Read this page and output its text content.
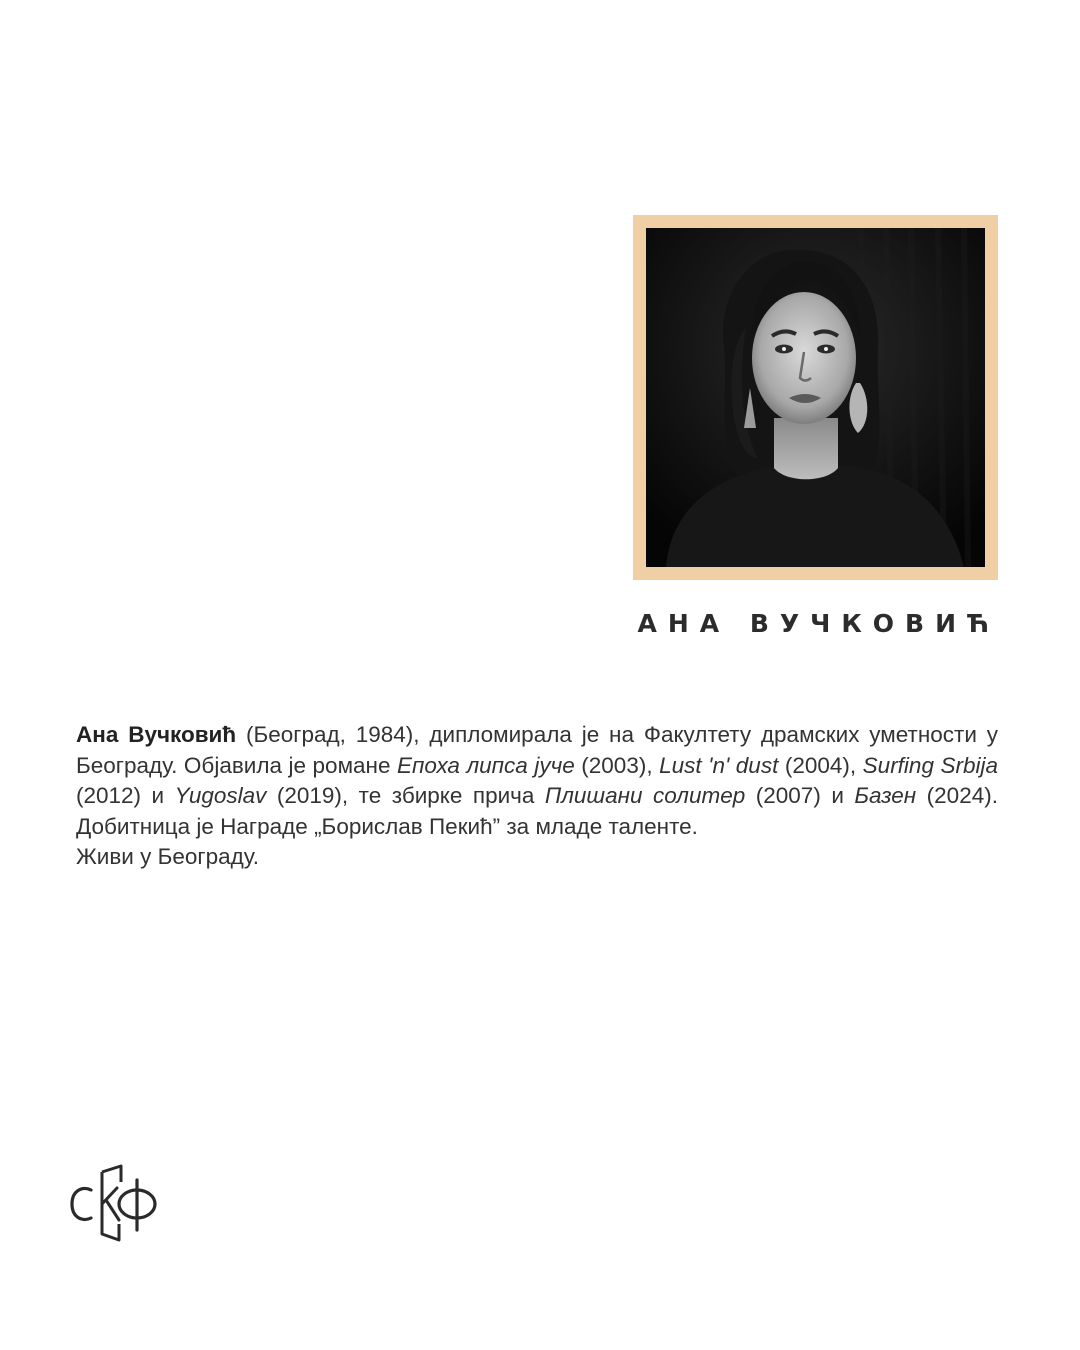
АНА ВУЧКОВИЋ

Ана Вучковић (Београд, 1984), дипломирала је на Факултету драмских уметности у Београду. Објавила је романе Епоха липса јуче (2003), Lust 'n' dust (2004), Surfing Srbija (2012) и Yugoslav (2019), те збирке прича Плишани солитер (2007) и Базен (2024). Добитница је Награде „Борислав Пекић” за младе таленте.

Живи у Београду.
